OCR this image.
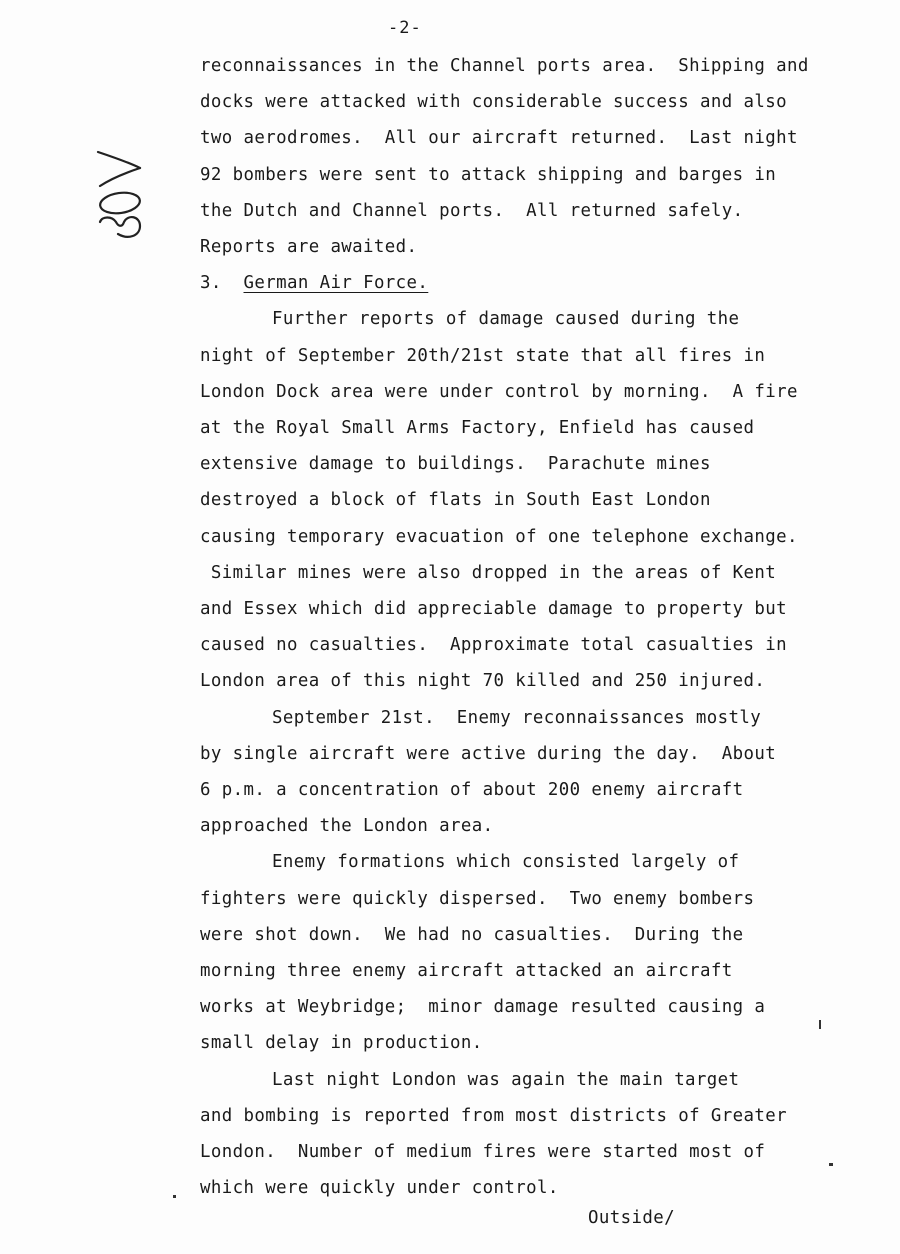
-2-

reconnaissances in the Channel ports area.  Shipping and
docks were attacked with considerable success and also
two aerodromes.  All our aircraft returned.  Last night
92 bombers were sent to attack shipping and barges in
the Dutch and Channel ports.  All returned safely.
Reports are awaited.

3. German Air Force.

Further reports of damage caused during the
night of September 20th/21st state that all fires in
London Dock area were under control by morning.  A fire
at the Royal Small Arms Factory, Enfield has caused
extensive damage to buildings.  Parachute mines
destroyed a block of flats in South East London
causing temporary evacuation of one telephone exchange.
Similar mines were also dropped in the areas of Kent
and Essex which did appreciable damage to property but
caused no casualties.  Approximate total casualties in
London area of this night 70 killed and 250 injured.

September 21st.  Enemy reconnaissances mostly
by single aircraft were active during the day.  About
6 p.m. a concentration of about 200 enemy aircraft
approached the London area.

Enemy formations which consisted largely of
fighters were quickly dispersed.  Two enemy bombers
were shot down.  We had no casualties.  During the
morning three enemy aircraft attacked an aircraft
works at Weybridge;  minor damage resulted causing a
small delay in production.

Last night London was again the main target
and bombing is reported from most districts of Greater
London.  Number of medium fires were started most of
which were quickly under control.

Outside/
